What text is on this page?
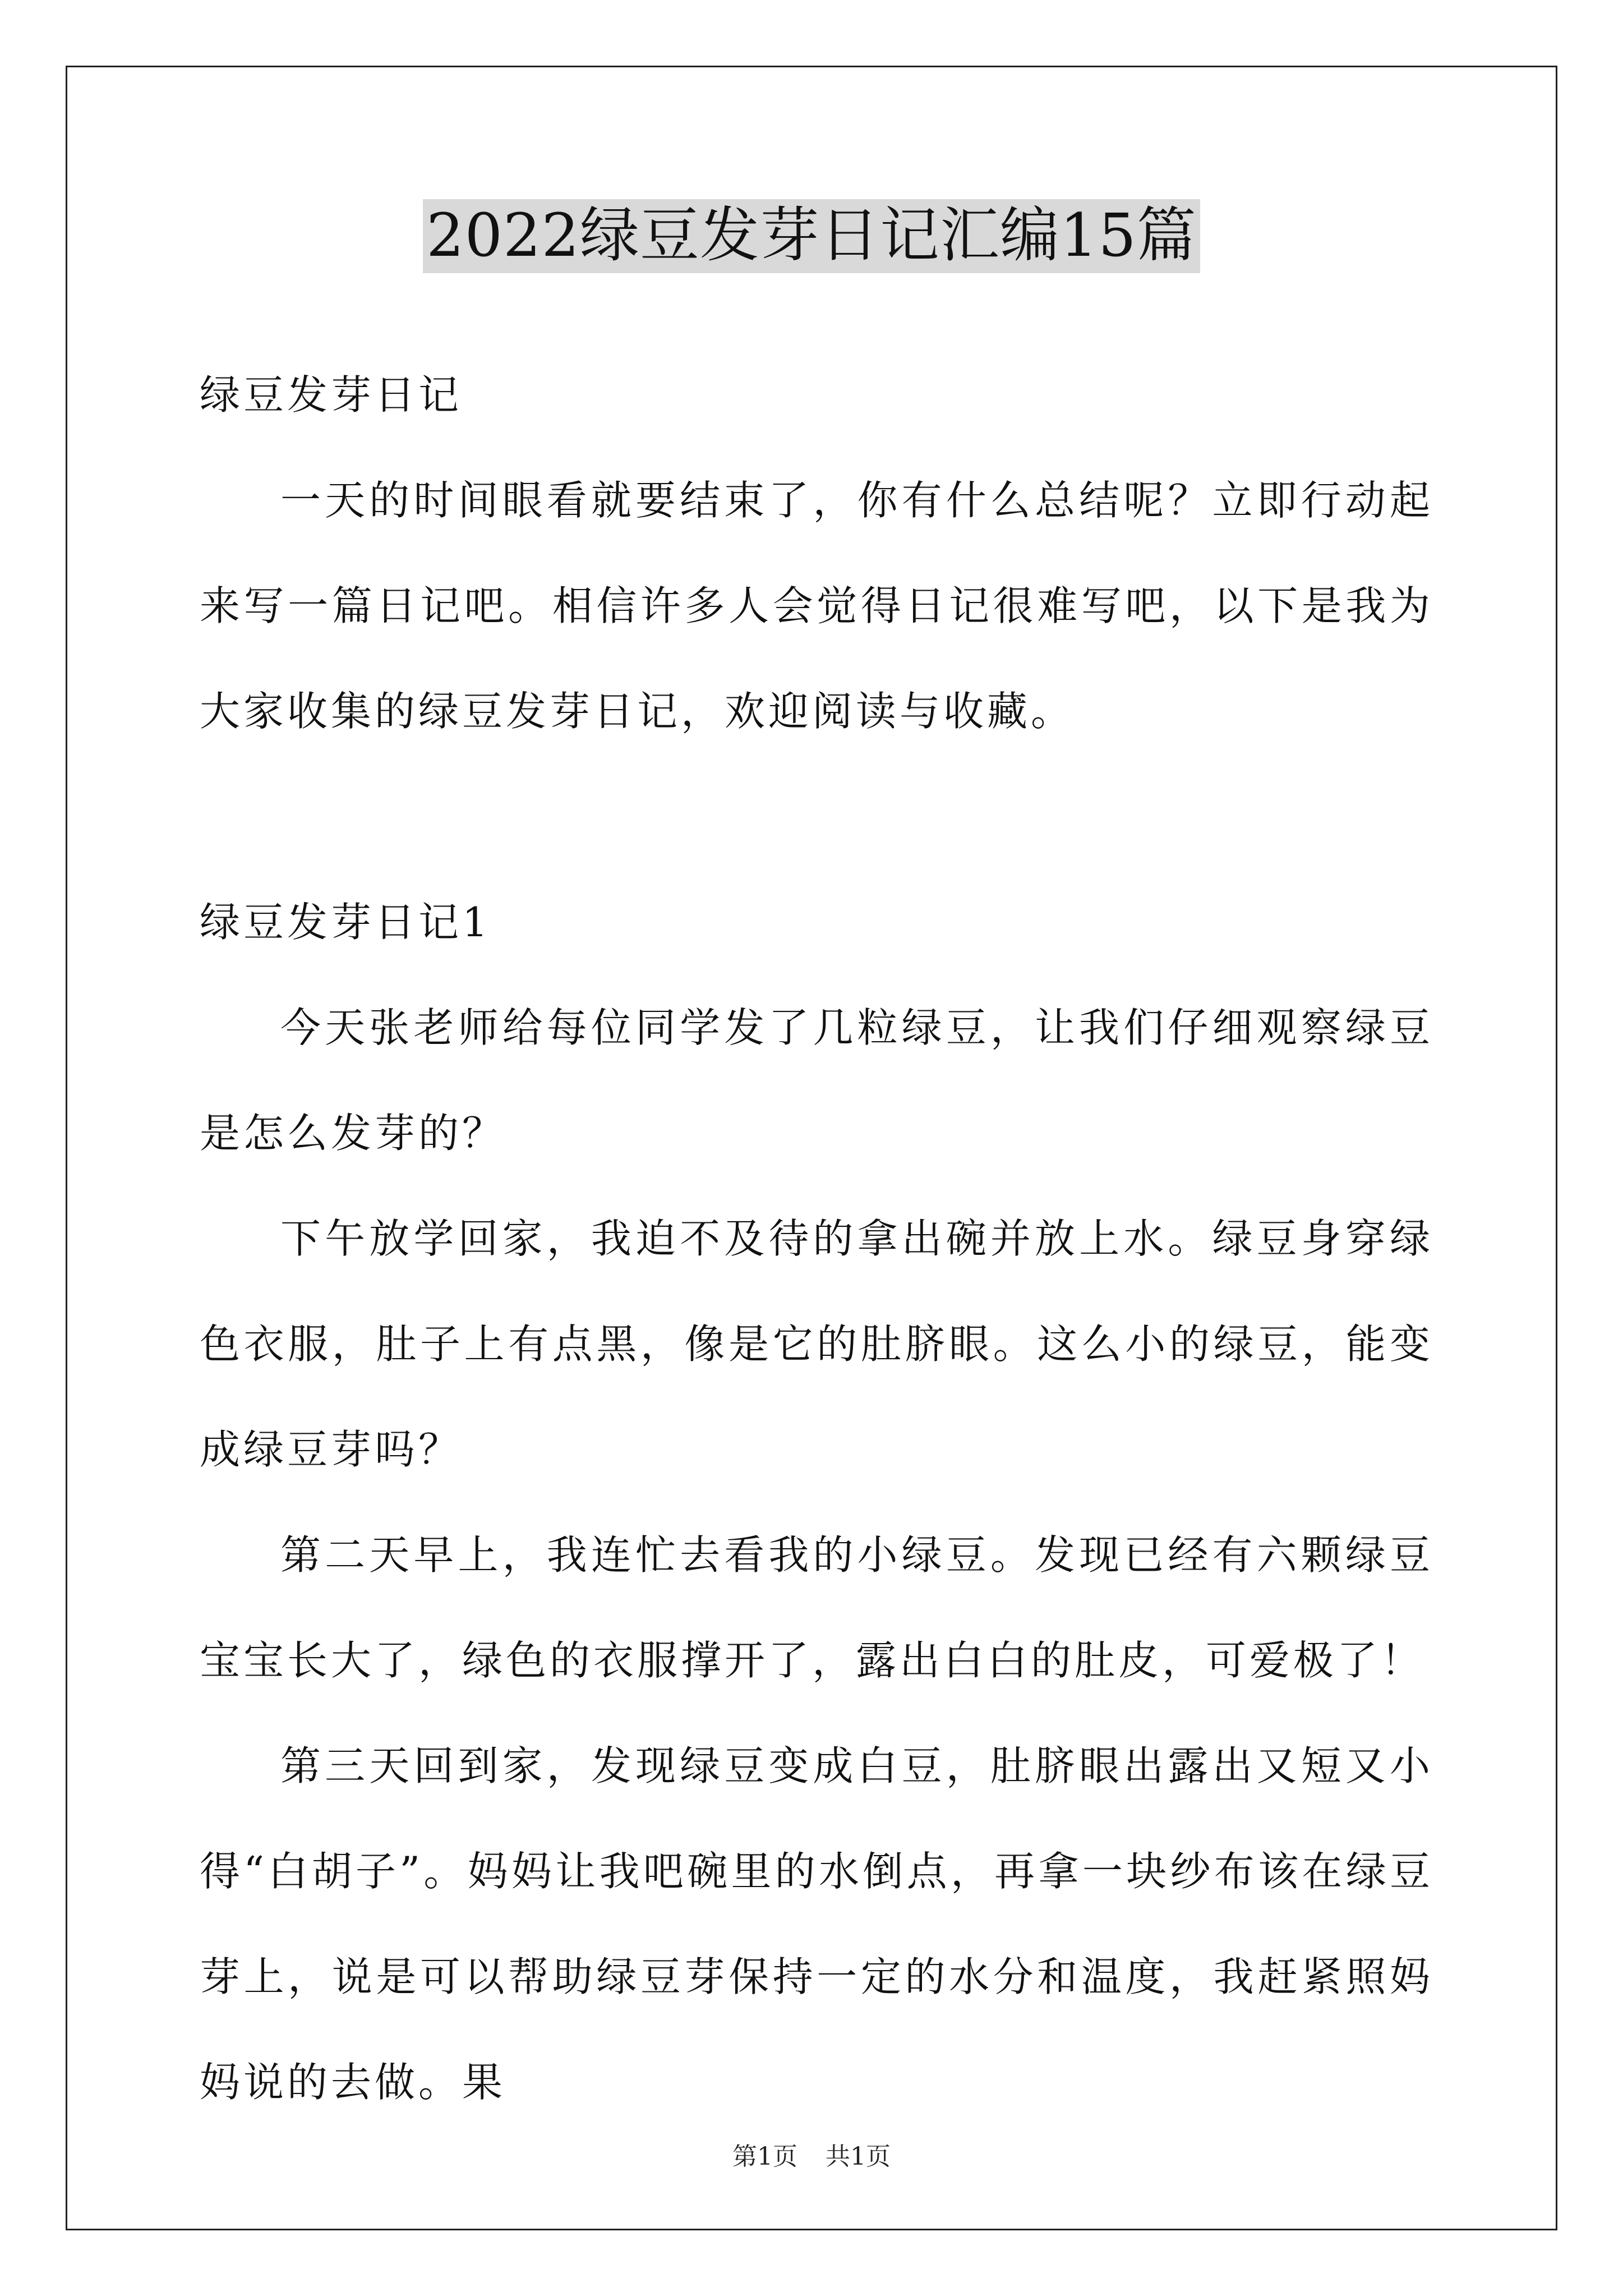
2022绿豆发芽日记汇编15篇

绿豆发芽日记

一天的时间眼看就要结束了，你有什么总结呢？立即行动起来写一篇日记吧。相信许多人会觉得日记很难写吧，以下是我为大家收集的绿豆发芽日记，欢迎阅读与收藏。

绿豆发芽日记1

今天张老师给每位同学发了几粒绿豆，让我们仔细观察绿豆是怎么发芽的？

下午放学回家，我迫不及待的拿出碗并放上水。绿豆身穿绿色衣服，肚子上有点黑，像是它的肚脐眼。这么小的绿豆，能变成绿豆芽吗？

第二天早上，我连忙去看我的小绿豆。发现已经有六颗绿豆宝宝长大了，绿色的衣服撑开了，露出白白的肚皮，可爱极了！

第三天回到家，发现绿豆变成白豆，肚脐眼出露出又短又小得“白胡子”。妈妈让我吧碗里的水倒点，再拿一块纱布该在绿豆芽上，说是可以帮助绿豆芽保持一定的水分和温度，我赶紧照妈妈说的去做。果

第1页 共1页
